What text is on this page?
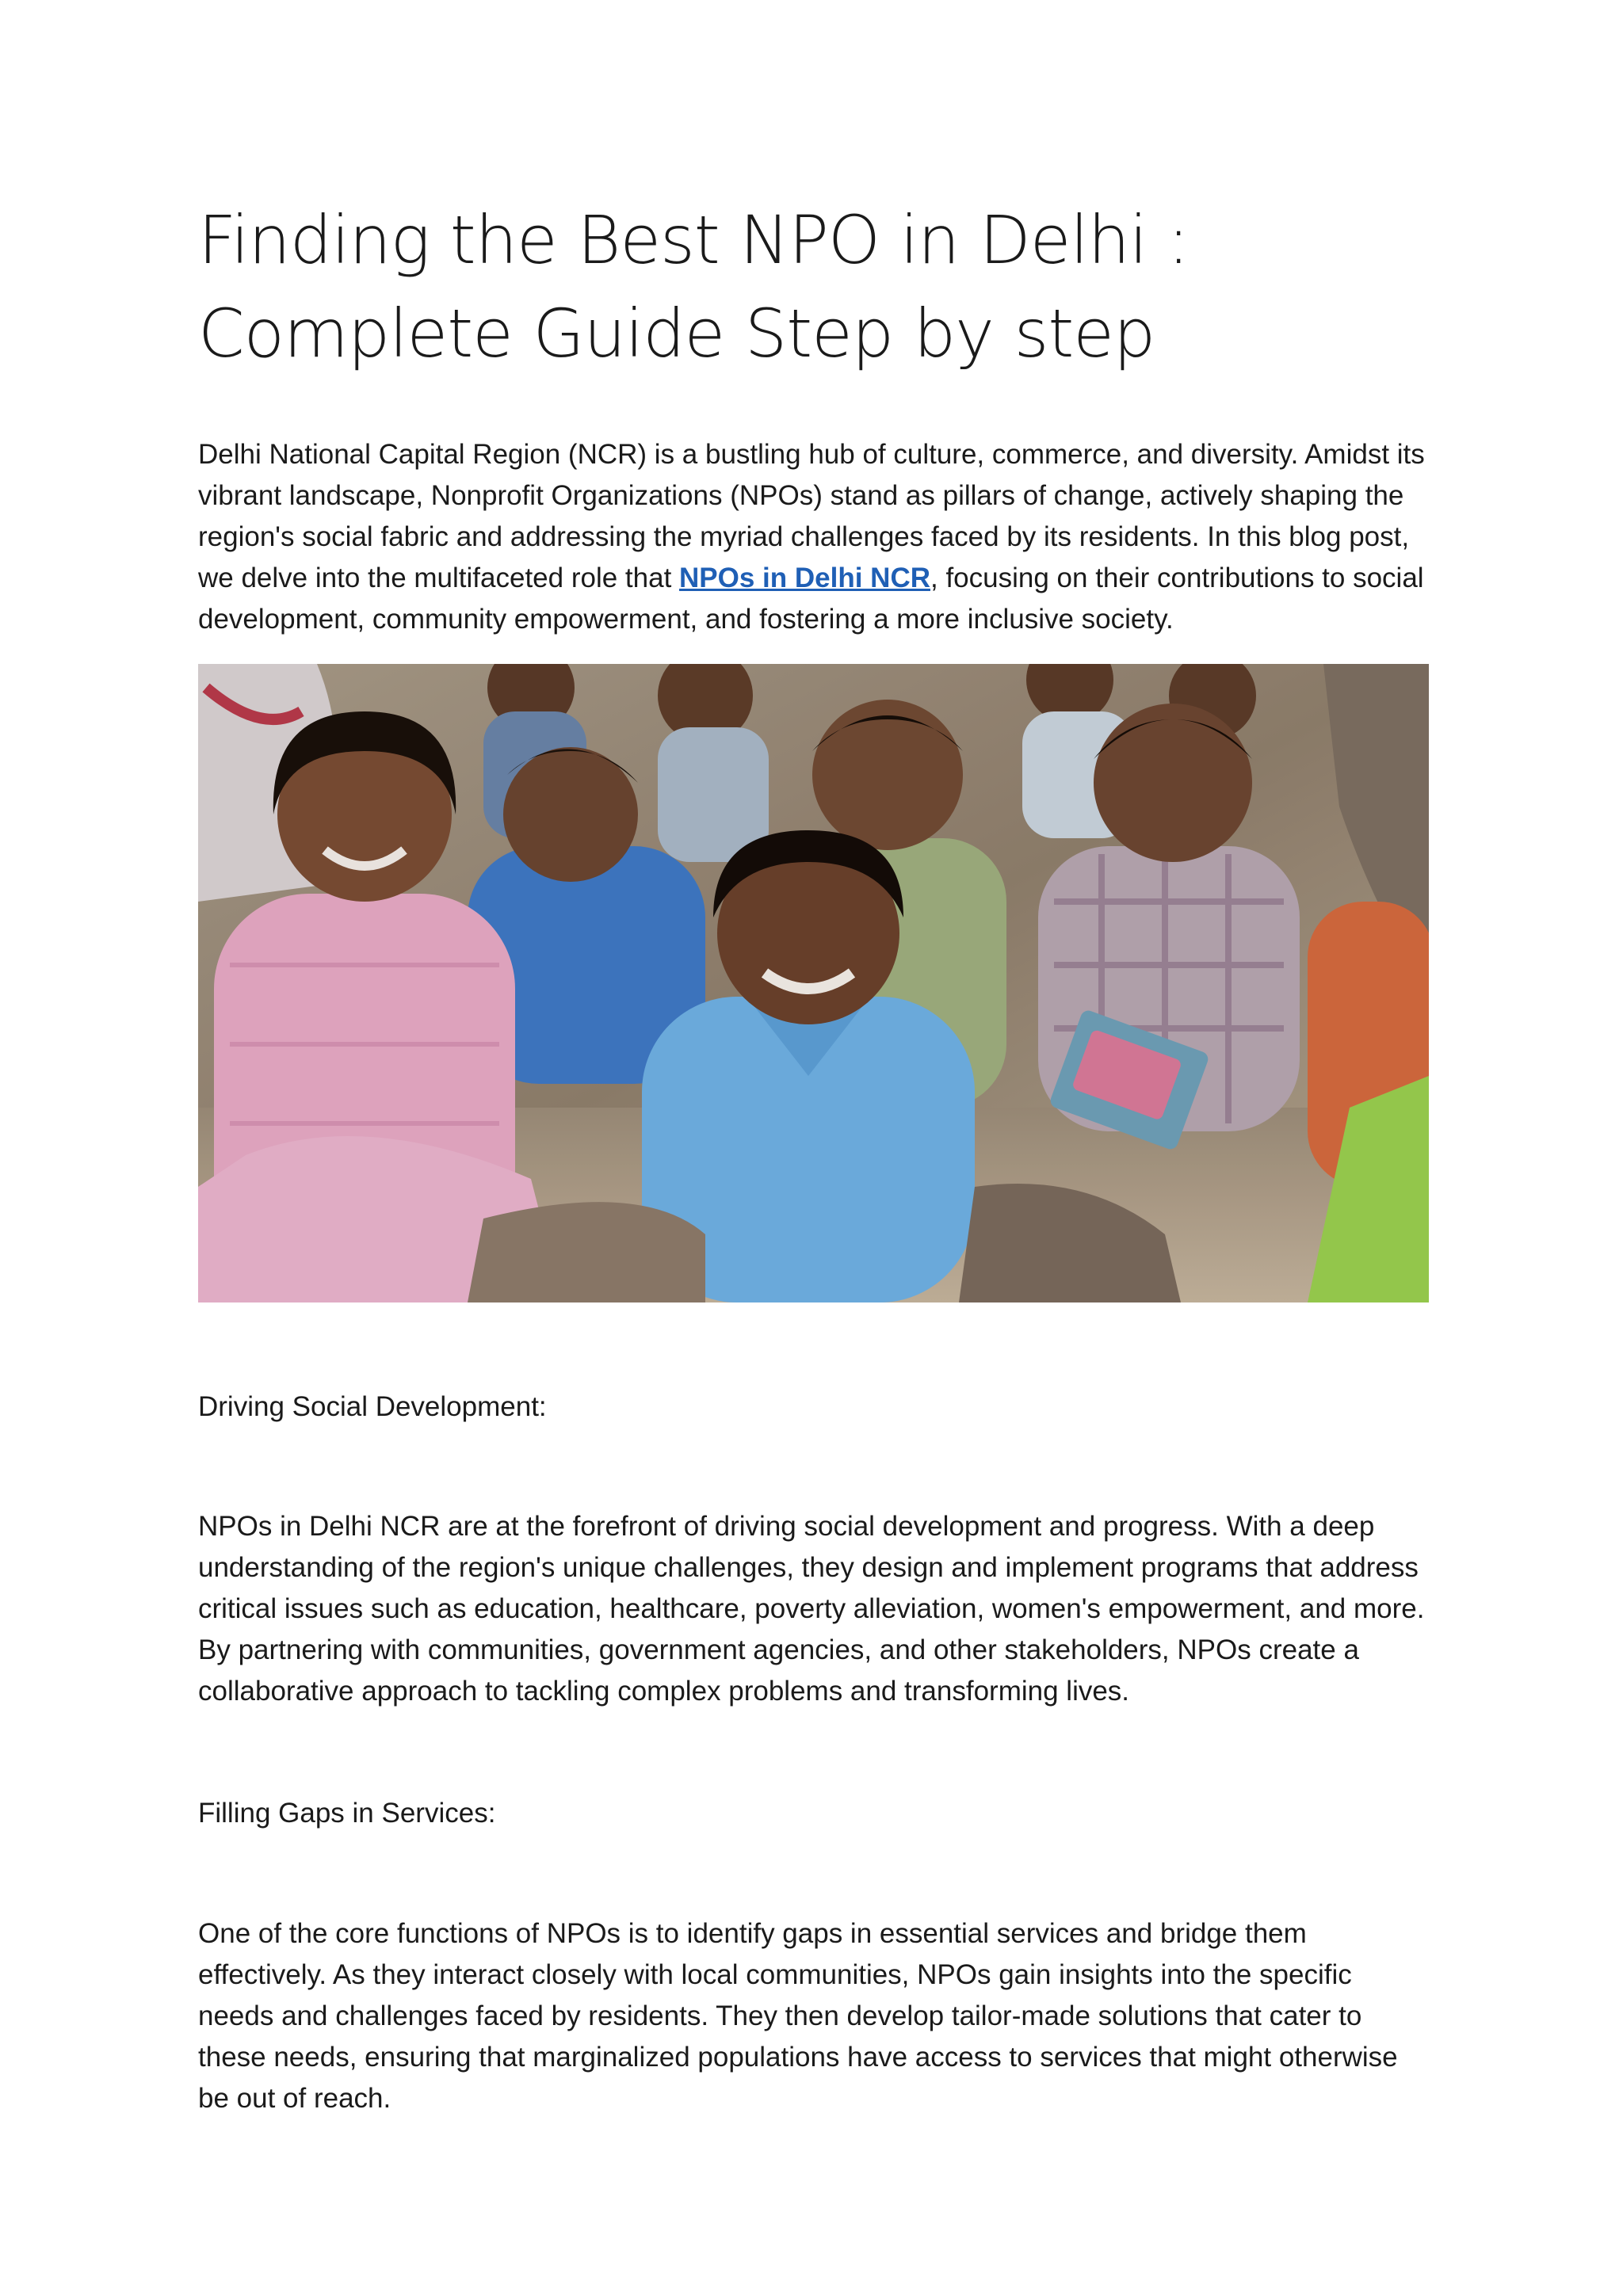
Finding the Best NPO in Delhi : Complete Guide Step by step

Delhi National Capital Region (NCR) is a bustling hub of culture, commerce, and diversity. Amidst its vibrant landscape, Nonprofit Organizations (NPOs) stand as pillars of change, actively shaping the region's social fabric and addressing the myriad challenges faced by its residents. In this blog post, we delve into the multifaceted role that NPOs in Delhi NCR, focusing on their contributions to social development, community empowerment, and fostering a more inclusive society.

Driving Social Development:

NPOs in Delhi NCR are at the forefront of driving social development and progress. With a deep understanding of the region's unique challenges, they design and implement programs that address critical issues such as education, healthcare, poverty alleviation, women's empowerment, and more. By partnering with communities, government agencies, and other stakeholders, NPOs create a collaborative approach to tackling complex problems and transforming lives.

Filling Gaps in Services:

One of the core functions of NPOs is to identify gaps in essential services and bridge them effectively. As they interact closely with local communities, NPOs gain insights into the specific needs and challenges faced by residents. They then develop tailor-made solutions that cater to these needs, ensuring that marginalized populations have access to services that might otherwise be out of reach.
